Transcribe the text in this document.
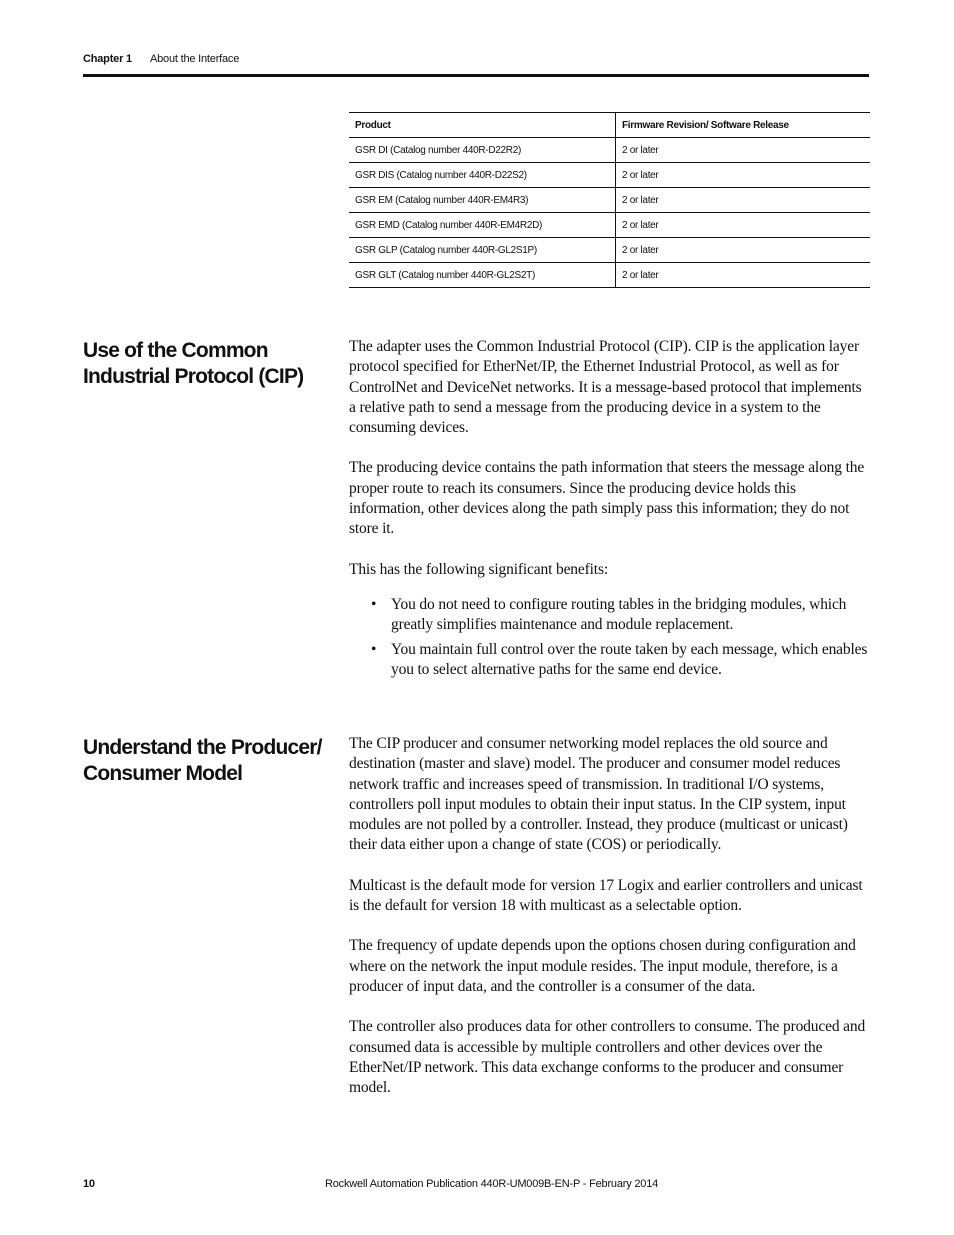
Chapter 1 About the Interface
Product	Firmware Revision/ Software Release
GSR DI (Catalog number 440R-D22R2)	2 or later
GSR DIS (Catalog number 440R-D22S2)	2 or later
GSR EM (Catalog number 440R-EM4R3)	2 or later
GSR EMD (Catalog number 440R-EM4R2D)	2 or later
GSR GLP (Catalog number 440R-GL2S1P)	2 or later
GSR GLT (Catalog number 440R-GL2S2T)	2 or later
Use of the Common
Industrial Protocol (CIP)

The adapter uses the Common Industrial Protocol (CIP). CIP is the application layer protocol specified for EtherNet/IP, the Ethernet Industrial Protocol, as well as for ControlNet and DeviceNet networks. It is a message-based protocol that implements a relative path to send a message from the producing device in a system to the consuming devices.

The producing device contains the path information that steers the message along the proper route to reach its consumers. Since the producing device holds this information, other devices along the path simply pass this information; they do not store it.

This has the following significant benefits:

• You do not need to configure routing tables in the bridging modules, which greatly simplifies maintenance and module replacement.
• You maintain full control over the route taken by each message, which enables you to select alternative paths for the same end device.
Understand the Producer/
Consumer Model

The CIP producer and consumer networking model replaces the old source and destination (master and slave) model. The producer and consumer model reduces network traffic and increases speed of transmission. In traditional I/O systems, controllers poll input modules to obtain their input status. In the CIP system, input modules are not polled by a controller. Instead, they produce (multicast or unicast) their data either upon a change of state (COS) or periodically.

Multicast is the default mode for version 17 Logix and earlier controllers and unicast is the default for version 18 with multicast as a selectable option.

The frequency of update depends upon the options chosen during configuration and where on the network the input module resides. The input module, therefore, is a producer of input data, and the controller is a consumer of the data.

The controller also produces data for other controllers to consume. The produced and consumed data is accessible by multiple controllers and other devices over the EtherNet/IP network. This data exchange conforms to the producer and consumer model.

10	Rockwell Automation Publication 440R-UM009B-EN-P - February 2014
